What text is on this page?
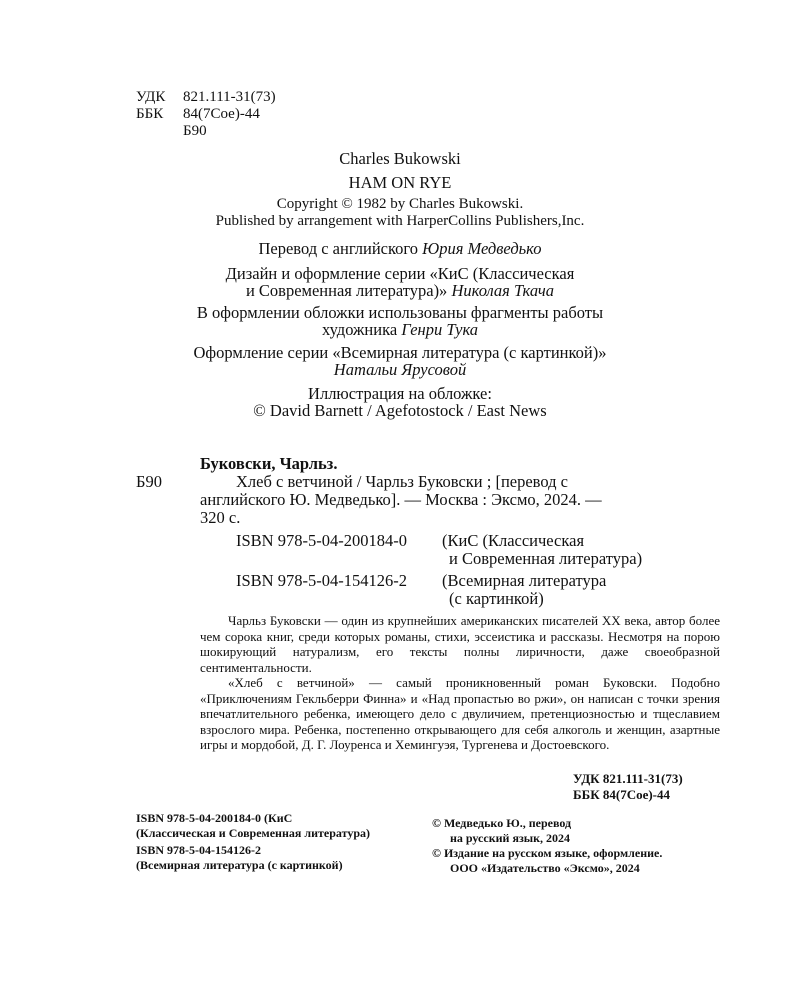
УДК 821.111-31(73)
ББК 84(7Сое)-44
Б90
Charles Bukowski
HAM ON RYE
Copyright © 1982 by Charles Bukowski.
Published by arrangement with HarperCollins Publishers,Inc.
Перевод с английского Юрия Медведько
Дизайн и оформление серии «КиС (Классическая
и Современная литература)» Николая Ткача
В оформлении обложки использованы фрагменты работы
художника Генри Тука
Оформление серии «Всемирная литература (с картинкой)»
Натальи Ярусовой
Иллюстрация на обложке:
© David Barnett / Agefotostock / East News
Буковски, Чарльз.
Б90	Хлеб с ветчиной / Чарльз Буковски ; [перевод с
английского Ю. Медведько]. — Москва : Эксмо, 2024. —
320 с.
ISBN 978-5-04-200184-0 (КиС (Классическая
и Современная литература)
ISBN 978-5-04-154126-2 (Всемирная литература
(с картинкой)

Чарльз Буковски — один из крупнейших американских писателей XX века, автор более чем сорока книг, среди которых романы, стихи, эссеистика и рассказы. Несмотря на порою шокирующий натурализм, его тексты полны лиричности, даже своеобразной сентиментальности.

«Хлеб с ветчиной» — самый проникновенный роман Буковски. Подобно «Приключениям Гекльберри Финна» и «Над пропастью во ржи», он написан с точки зрения впечатлительного ребенка, имеющего дело с двуличием, претенциозностью и тщеславием взрослого мира. Ребенка, постепенно открывающего для себя алкоголь и женщин, азартные игры и мордобой, Д. Г. Лоуренса и Хемингуэя, Тургенева и Достоевского.

УДК 821.111-31(73)
ББК 84(7Сое)-44
ISBN 978-5-04-200184-0 (КиС
(Классическая и Современная литература)
ISBN 978-5-04-154126-2
(Всемирная литература (с картинкой)
© Медведько Ю., перевод
на русский язык, 2024
© Издание на русском языке, оформление.
ООО «Издательство «Эксмо», 2024
